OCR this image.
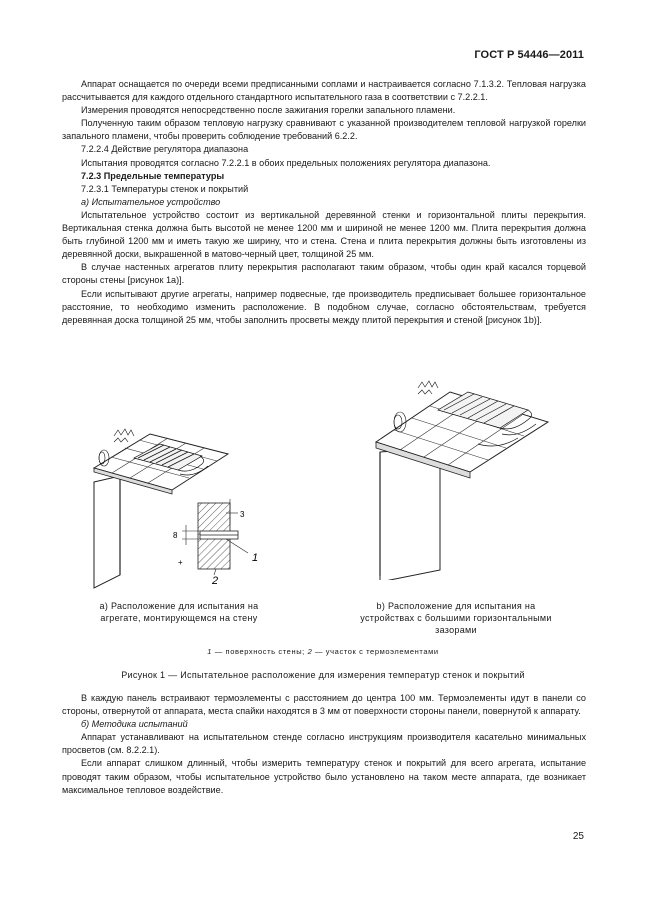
ГОСТ Р 54446—2011

Аппарат оснащается по очереди всеми предписанными соплами и настраивается согласно 7.1.3.2. Тепловая нагрузка рассчитывается для каждого отдельного стандартного испытательного газа в соответствии с 7.2.2.1.

Измерения проводятся непосредственно после зажигания горелки запального пламени.

Полученную таким образом тепловую нагрузку сравнивают с указанной производителем тепловой нагрузкой горелки запального пламени, чтобы проверить соблюдение требований 6.2.2.

7.2.2.4 Действие регулятора диапазона

Испытания проводятся согласно 7.2.2.1 в обоих предельных положениях регулятора диапазона.

7.2.3 Предельные температуры

7.2.3.1 Температуры стенок и покрытий

а) Испытательное устройство

Испытательное устройство состоит из вертикальной деревянной стенки и горизонтальной плиты перекрытия. Вертикальная стенка должна быть высотой не менее 1200 мм и шириной не менее 1200 мм. Плита перекрытия должна быть глубиной 1200 мм и иметь такую же ширину, что и стена. Стена и плита перекрытия должны быть изготовлены из деревянной доски, выкрашенной в матово-черный цвет, толщиной 25 мм.

В случае настенных агрегатов плиту перекрытия располагают таким образом, чтобы один край касался торцевой стороны стены [рисунок 1а)].

Если испытывают другие агрегаты, например подвесные, где производитель предписывает большее горизонтальное расстояние, то необходимо изменить расположение. В подобном случае, согласно обстоятельствам, требуется деревянная доска толщиной 25 мм, чтобы заполнить просветы между плитой перекрытия и стеной [рисунок 1b)].

3
8
+	1
2
а) Расположение для испытания на агрегате, монтирующемся на стену
b) Расположение для испытания на устройствах с большими горизонтальными зазорами
1 — поверхность стены; 2 — участок с термоэлементами
Рисунок 1 — Испытательное расположение для измерения температур стенок и покрытий

В каждую панель встраивают термоэлементы с расстоянием до центра 100 мм. Термоэлементы идут в панели со стороны, отвернутой от аппарата, места спайки находятся в 3 мм от поверхности стороны панели, повернутой к аппарату.

б) Методика испытаний

Аппарат устанавливают на испытательном стенде согласно инструкциям производителя касательно минимальных просветов (см. 8.2.2.1).

Если аппарат слишком длинный, чтобы измерить температуру стенок и покрытий для всего агрегата, испытание проводят таким образом, чтобы испытательное устройство было установлено на таком месте аппарата, где возникает максимальное тепловое воздействие.

25
